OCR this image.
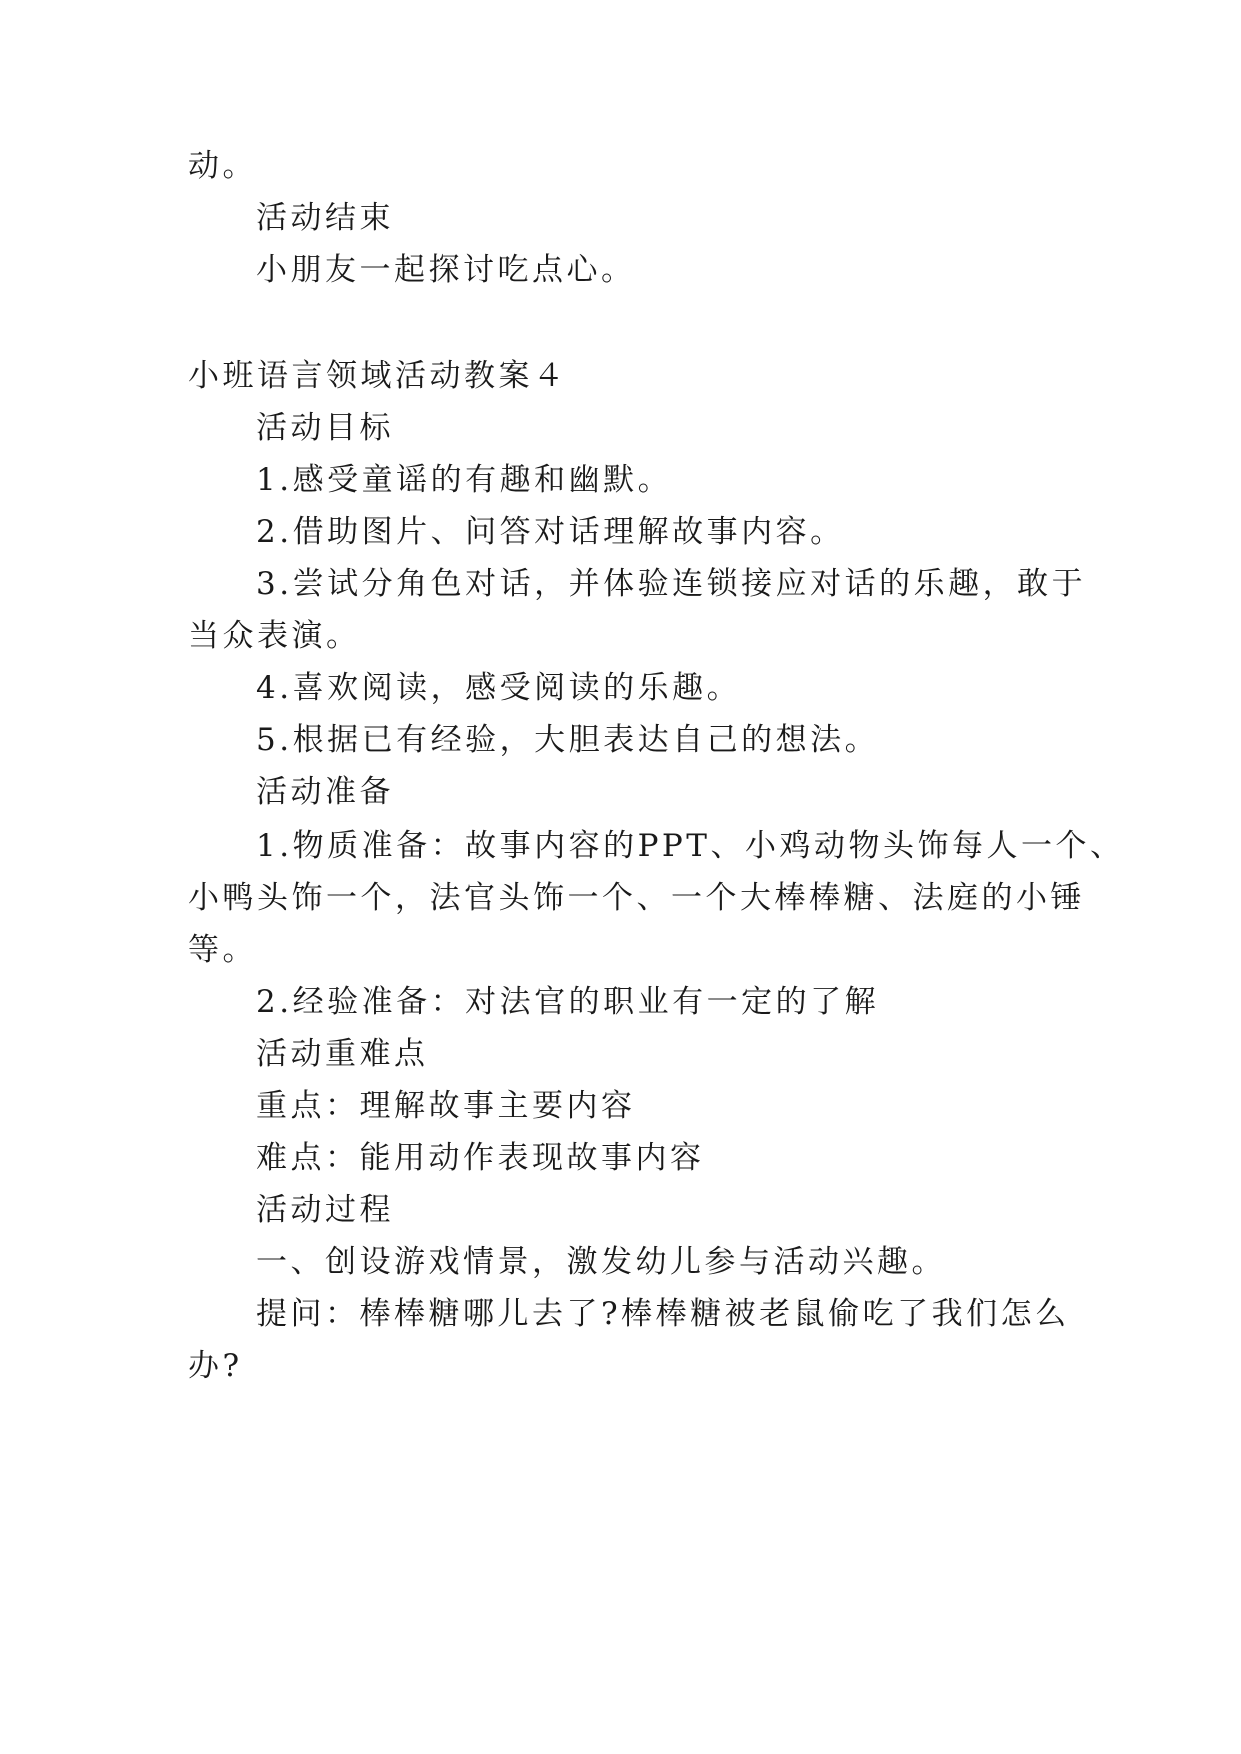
动。
活动结束
小朋友一起探讨吃点心。
小班语言领域活动教案４
活动目标
1.感受童谣的有趣和幽默。
2.借助图片、问答对话理解故事内容。
3.尝试分角色对话，并体验连锁接应对话的乐趣，敢于
当众表演。
4.喜欢阅读，感受阅读的乐趣。
5.根据已有经验，大胆表达自己的想法。
活动准备
1.物质准备：故事内容的PPT、小鸡动物头饰每人一个、
小鸭头饰一个，法官头饰一个、一个大棒棒糖、法庭的小锤
等。
2.经验准备：对法官的职业有一定的了解
活动重难点
重点：理解故事主要内容
难点：能用动作表现故事内容
活动过程
一、创设游戏情景，激发幼儿参与活动兴趣。
提问：棒棒糖哪儿去了?棒棒糖被老鼠偷吃了我们怎么
办?
